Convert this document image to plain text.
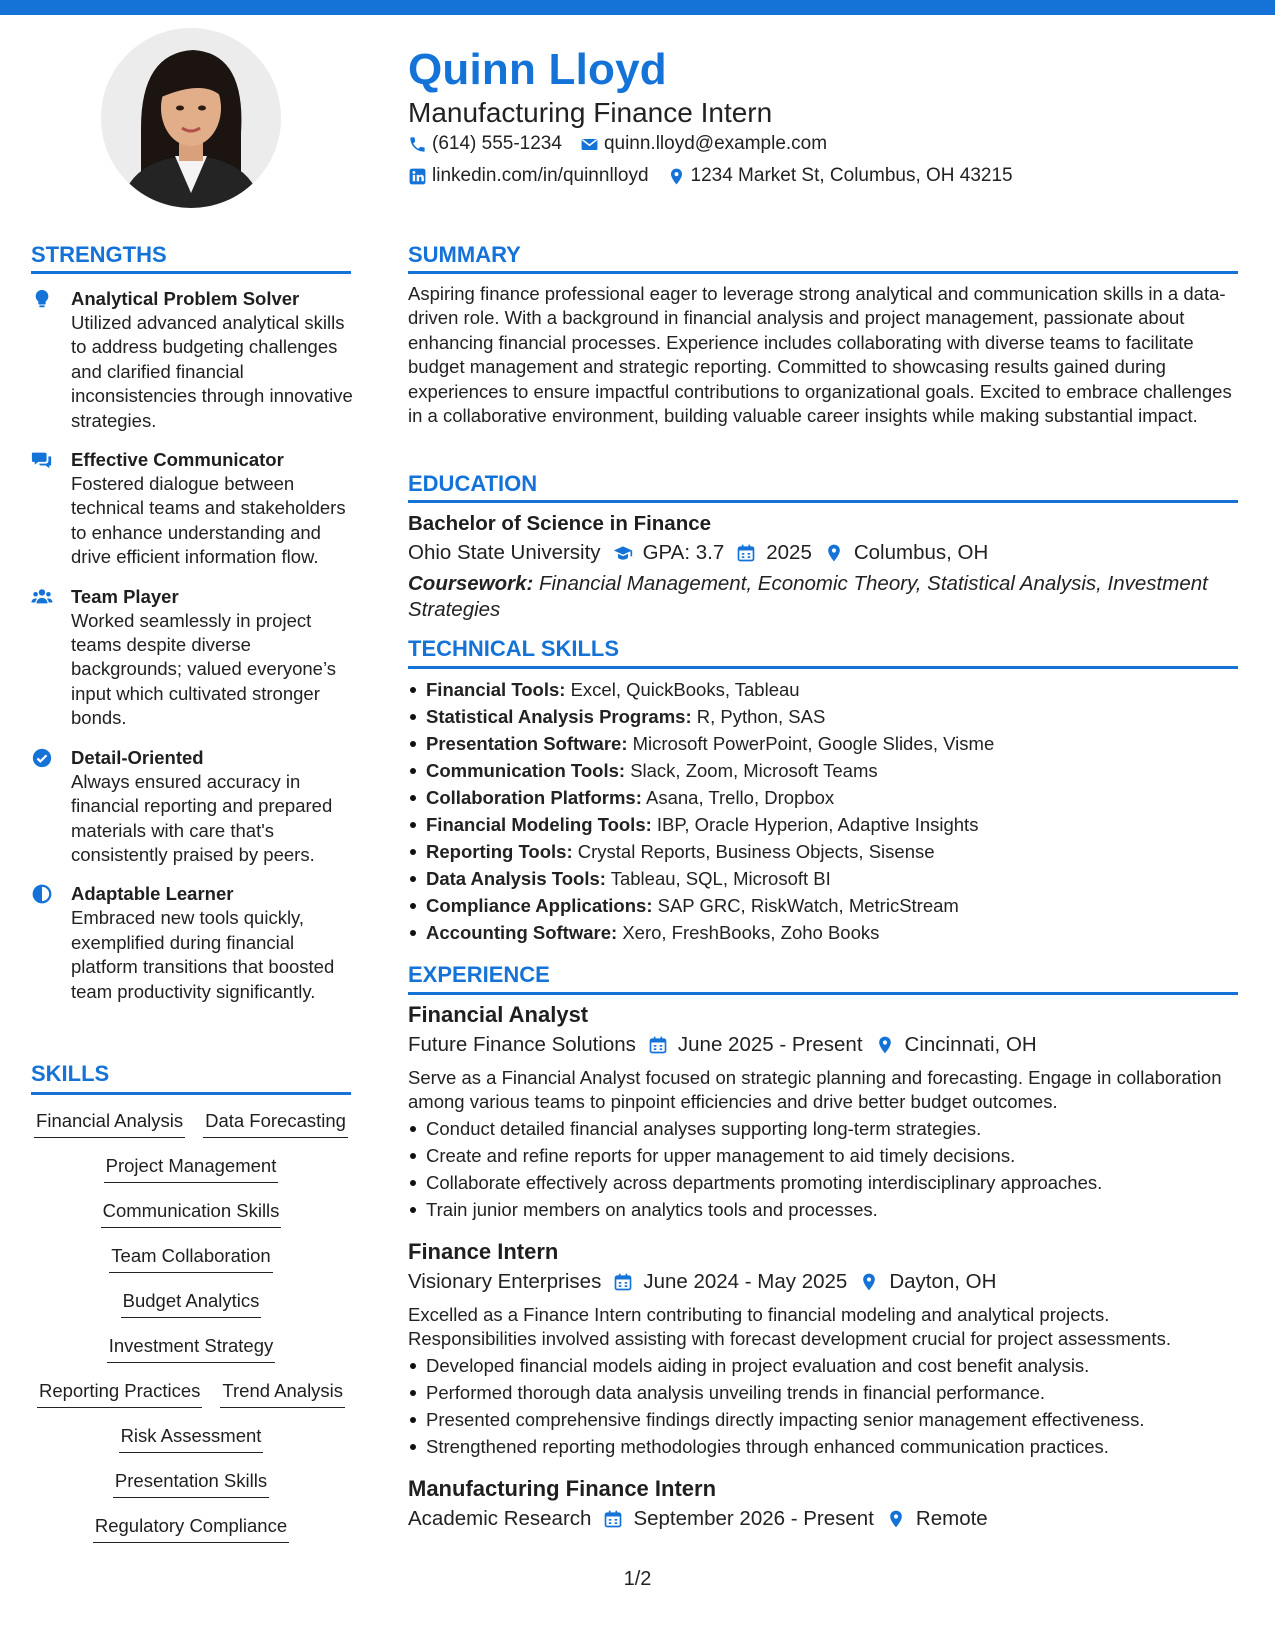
Quinn Lloyd
Manufacturing Finance Intern
(614) 555-1234 quinn.lloyd@example.com
linkedin.com/in/quinnlloyd 1234 Market St, Columbus, OH 43215
STRENGTHS
Analytical Problem Solver
Utilized advanced analytical skills to address budgeting challenges and clarified financial inconsistencies through innovative strategies.
Effective Communicator
Fostered dialogue between technical teams and stakeholders to enhance understanding and drive efficient information flow.
Team Player
Worked seamlessly in project teams despite diverse backgrounds; valued everyone’s input which cultivated stronger bonds.
Detail-Oriented
Always ensured accuracy in financial reporting and prepared materials with care that's consistently praised by peers.
Adaptable Learner
Embraced new tools quickly, exemplified during financial platform transitions that boosted team productivity significantly.
SKILLS
Financial Analysis Data Forecasting
Project Management
Communication Skills
Team Collaboration
Budget Analytics
Investment Strategy
Reporting Practices Trend Analysis
Risk Assessment
Presentation Skills
Regulatory Compliance
SUMMARY
Aspiring finance professional eager to leverage strong analytical and communication skills in a data-driven role. With a background in financial analysis and project management, passionate about enhancing financial processes. Experience includes collaborating with diverse teams to facilitate budget management and strategic reporting. Committed to showcasing results gained during experiences to ensure impactful contributions to organizational goals. Excited to embrace challenges in a collaborative environment, building valuable career insights while making substantial impact.
EDUCATION
Bachelor of Science in Finance
Ohio State University GPA: 3.7 2025 Columbus, OH
Coursework: Financial Management, Economic Theory, Statistical Analysis, Investment Strategies
TECHNICAL SKILLS
Financial Tools: Excel, QuickBooks, Tableau
Statistical Analysis Programs: R, Python, SAS
Presentation Software: Microsoft PowerPoint, Google Slides, Visme
Communication Tools: Slack, Zoom, Microsoft Teams
Collaboration Platforms: Asana, Trello, Dropbox
Financial Modeling Tools: IBP, Oracle Hyperion, Adaptive Insights
Reporting Tools: Crystal Reports, Business Objects, Sisense
Data Analysis Tools: Tableau, SQL, Microsoft BI
Compliance Applications: SAP GRC, RiskWatch, MetricStream
Accounting Software: Xero, FreshBooks, Zoho Books
EXPERIENCE
Financial Analyst
Future Finance Solutions June 2025 - Present Cincinnati, OH
Serve as a Financial Analyst focused on strategic planning and forecasting. Engage in collaboration among various teams to pinpoint efficiencies and drive better budget outcomes.
Conduct detailed financial analyses supporting long-term strategies.
Create and refine reports for upper management to aid timely decisions.
Collaborate effectively across departments promoting interdisciplinary approaches.
Train junior members on analytics tools and processes.
Finance Intern
Visionary Enterprises June 2024 - May 2025 Dayton, OH
Excelled as a Finance Intern contributing to financial modeling and analytical projects. Responsibilities involved assisting with forecast development crucial for project assessments.
Developed financial models aiding in project evaluation and cost benefit analysis.
Performed thorough data analysis unveiling trends in financial performance.
Presented comprehensive findings directly impacting senior management effectiveness.
Strengthened reporting methodologies through enhanced communication practices.
Manufacturing Finance Intern
Academic Research September 2026 - Present Remote
1/2
